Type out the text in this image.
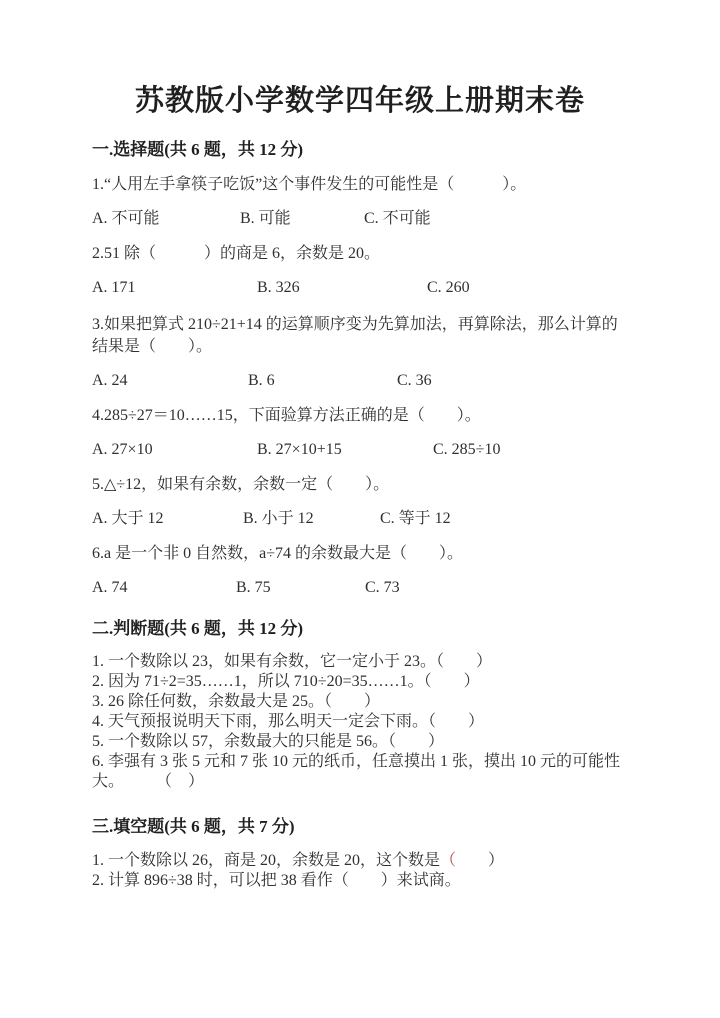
苏教版小学数学四年级上册期末卷
一.选择题(共 6 题，共 12 分)
1.“人用左手拿筷子吃饭”这个事件发生的可能性是（　　　）。
A. 不可能	B. 可能	C. 不可能
2.51 除（　　　）的商是 6，余数是 20。
A. 171	B. 326	C. 260
3.如果把算式 210÷21+14 的运算顺序变为先算加法，再算除法，那么计算的
结果是（　　）。
A. 24	B. 6	C. 36
4.285÷27＝10……15，下面验算方法正确的是（　　）。
A. 27×10	B. 27×10+15	C. 285÷10
5.△÷12，如果有余数，余数一定（　　）。
A. 大于 12	B. 小于 12	C. 等于 12
6.a 是一个非 0 自然数，a÷74 的余数最大是（　　）。
A. 74	B. 75	C. 73
二.判断题(共 6 题，共 12 分)
1. 一个数除以 23，如果有余数，它一定小于 23。（　　）
2. 因为 71÷2=35……1，所以 710÷20=35……1。（　　）
3. 26 除任何数，余数最大是 25。（　　）
4. 天气预报说明天下雨，那么明天一定会下雨。（　　）
5. 一个数除以 57，余数最大的只能是 56。（　　）
6. 李强有 3 张 5 元和 7 张 10 元的纸币，任意摸出 1 张，摸出 10 元的可能性
大。　　　（　）
三.填空题(共 6 题，共 7 分)
1. 一个数除以 26，商是 20，余数是 20，这个数是（　　）
2. 计算 896÷38 时，可以把 38 看作（　　）来试商。
